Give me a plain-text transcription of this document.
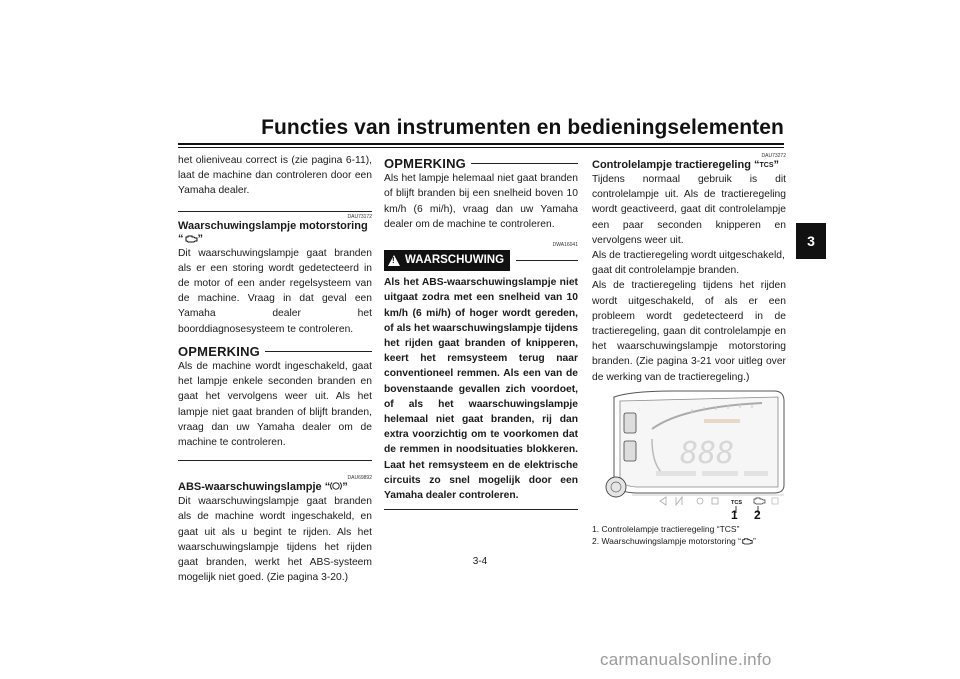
Functies van instrumenten en bedieningselementen
3

het olieniveau correct is (zie pagina 6-11), laat de machine dan controleren door een Yamaha dealer.

DAU73172
Waarschuwingslampje motorstoring
“ ”

Dit waarschuwingslampje gaat branden als er een storing wordt gedetecteerd in de motor of een ander regelsysteem van de machine. Vraag in dat geval een Yamaha dealer het boorddiagnosesysteem te controleren.

OPMERKING

Als de machine wordt ingeschakeld, gaat het lampje enkele seconden branden en gaat het vervolgens weer uit. Als het lampje niet gaat branden of blijft branden, vraag dan uw Yamaha dealer om de machine te controleren.

DAU69892
ABS-waarschuwingslampje “ ”

Dit waarschuwingslampje gaat branden als de machine wordt ingeschakeld, en gaat uit als u begint te rijden. Als het waarschuwingslampje tijdens het rijden gaat branden, werkt het ABS-systeem mogelijk niet goed. (Zie pagina 3-20.)

OPMERKING

Als het lampje helemaal niet gaat branden of blijft branden bij een snelheid boven 10 km/h (6 mi/h), vraag dan uw Yamaha dealer om de machine te controleren.

DWA16041
! WAARSCHUWING

Als het ABS-waarschuwingslampje niet uitgaat zodra met een snelheid van 10 km/h (6 mi/h) of hoger wordt gereden, of als het waarschuwingslampje tijdens het rijden gaat branden of knipperen, keert het remsysteem terug naar conventioneel remmen. Als een van de bovenstaande gevallen zich voordoet, of als het waarschuwingslampje helemaal niet gaat branden, rij dan extra voorzichtig om te voorkomen dat de remmen in noodsituaties blokkeren. Laat het remsysteem en de elektrische circuits zo snel mogelijk door een Yamaha dealer controleren.

DAU73272
Controlelampje tractieregeling “TCS”

Tijdens normaal gebruik is dit controlelampje uit. Als de tractieregeling wordt geactiveerd, gaat dit controlelampje een paar seconden knipperen en vervolgens weer uit.

Als de tractieregeling wordt uitgeschakeld, gaat dit controlelampje branden.

Als de tractieregeling tijdens het rijden wordt uitgeschakeld, of als er een probleem wordt gedetecteerd in de tractieregeling, gaan dit controlelampje en het waarschuwingslampje motorstoring branden. (Zie pagina 3-21 voor uitleg over de werking van de tractieregeling.)

888
TCS
1 2

1. Controlelampje tractieregeling “TCS”

2. Waarschuwingslampje motorstoring “ ”

3-4
carmanualsonline.info
